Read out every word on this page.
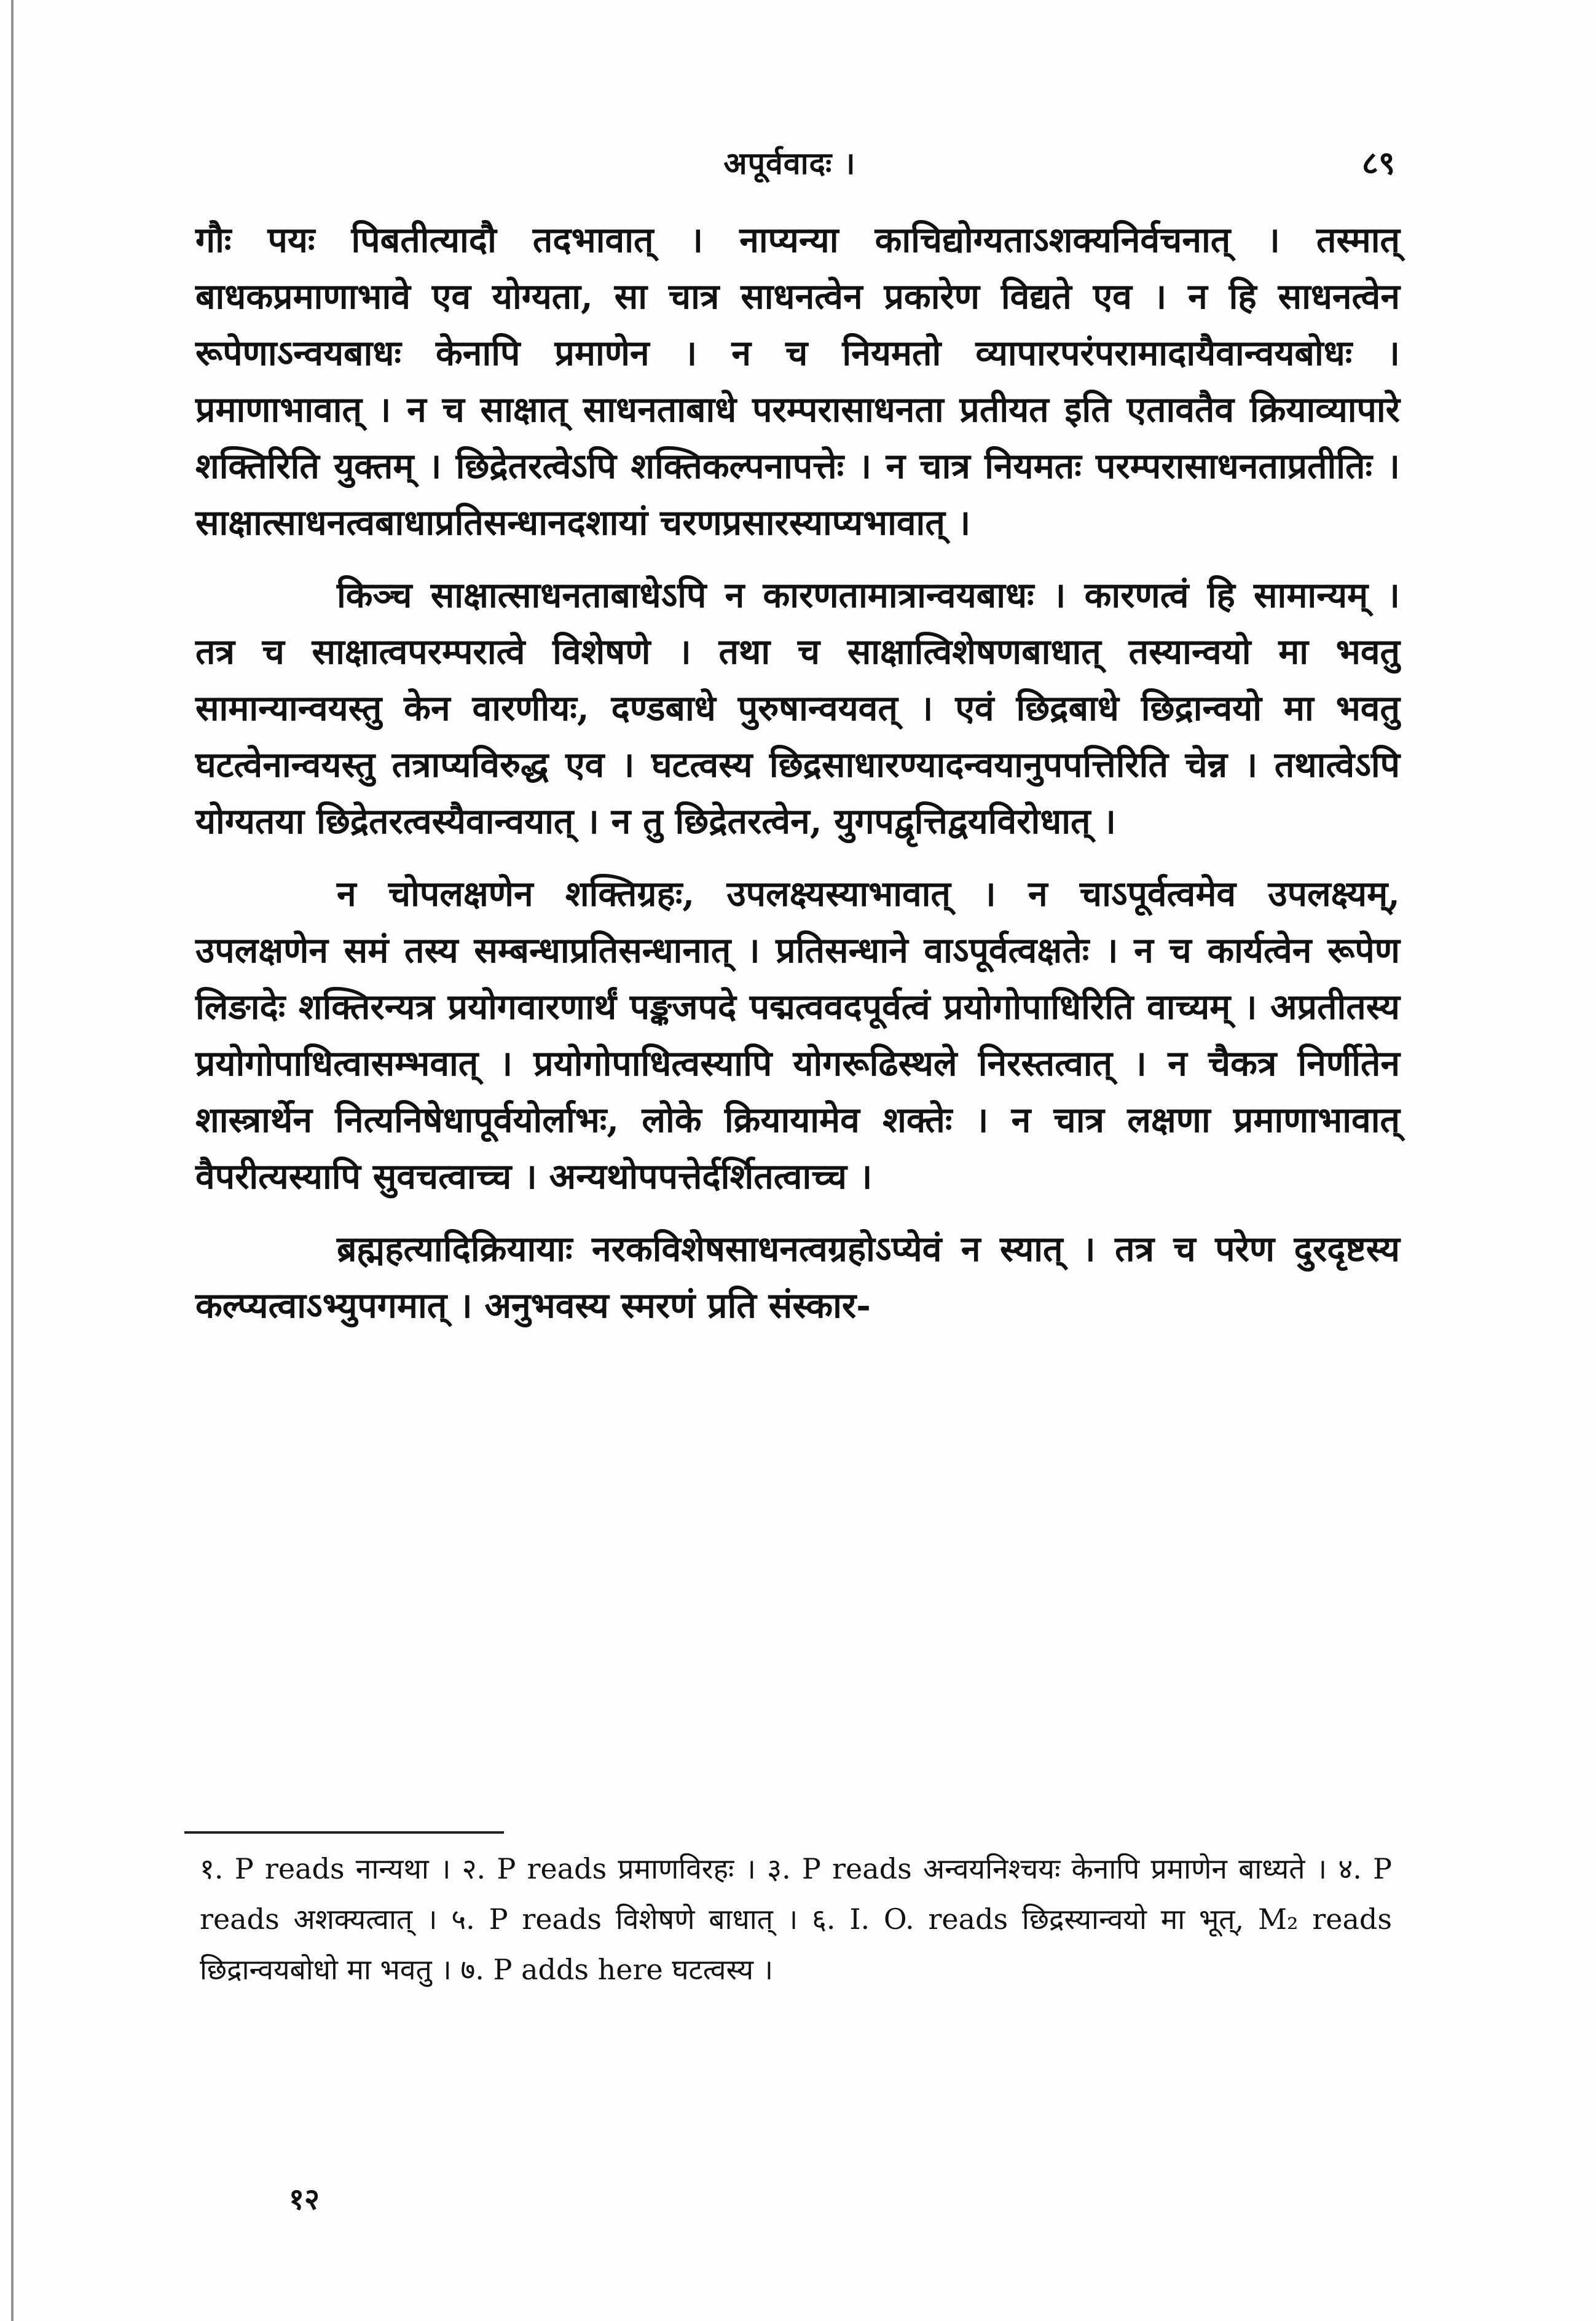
अपूर्ववादः ।	८९

गौः पयः पिबतीत्यादौ तदभावात् । नाप्यन्या काचिद्योग्यताऽशक्यनिर्वचनात् । तस्मात् बाधकप्रमाणाभावे एव योग्यता, सा चात्र साधनत्वेन प्रकारेण विद्यते एव । न हि साधनत्वेन रूपेणाऽन्वयबाधः केनापि प्रमाणेन । न च नियमतो व्यापारपरंपरामादायैवान्वयबोधः । प्रमाणाभावात् । न च साक्षात् साधनताबाधे परम्परासाधनता प्रतीयत इति एतावतैव क्रियाव्यापारे शक्तिरिति युक्तम् । छिद्रेतरत्वेऽपि शक्तिकल्पनापत्तेः । न चात्र नियमतः परम्परासाधनताप्रतीतिः । साक्षात्साधनत्वबाधाप्रतिसन्धानदशायां चरणप्रसारस्याप्यभावात् ।

किञ्च साक्षात्साधनताबाधेऽपि न कारणतामात्रान्वयबाधः । कारणत्वं हि सामान्यम् । तत्र च साक्षात्वपरम्परात्वे विशेषणे । तथा च साक्षात्विशेषणबाधात् तस्यान्वयो मा भवतु सामान्यान्वयस्तु केन वारणीयः, दण्डबाधे पुरुषान्वयवत् । एवं छिद्रबाधे छिद्रान्वयो मा भवतु घटत्वेनान्वयस्तु तत्राप्यविरुद्ध एव । घटत्वस्य छिद्रसाधारण्यादन्वयानुपपत्तिरिति चेन्न । तथात्वेऽपि योग्यतया छिद्रेतरत्वस्यैवान्वयात् । न तु छिद्रेतरत्वेन, युगपद्वृत्तिद्वयविरोधात् ।

न चोपलक्षणेन शक्तिग्रहः, उपलक्ष्यस्याभावात् । न चाऽपूर्वत्वमेव उपलक्ष्यम्, उपलक्षणेन समं तस्य सम्बन्धाप्रतिसन्धानात् । प्रतिसन्धाने वाऽपूर्वत्वक्षतेः । न च कार्यत्वेन रूपेण लिङादेः शक्तिरन्यत्र प्रयोगवारणार्थं पङ्कजपदे पद्मत्ववदपूर्वत्वं प्रयोगोपाधिरिति वाच्यम् । अप्रतीतस्य प्रयोगोपाधित्वासम्भवात् । प्रयोगोपाधित्वस्यापि योगरूढिस्थले निरस्तत्वात् । न चैकत्र निर्णीतेन शास्त्रार्थेन नित्यनिषेधापूर्वयोर्लाभः, लोके क्रियायामेव शक्तेः । न चात्र लक्षणा प्रमाणाभावात् वैपरीत्यस्यापि सुवचत्वाच्च । अन्यथोपपत्तेर्दर्शितत्वाच्च ।

ब्रह्महत्यादिक्रियायाः नरकविशेषसाधनत्वग्रहोऽप्येवं न स्यात् । तत्र च परेण दुरदृष्टस्य कल्प्यत्वाऽभ्युपगमात् । अनुभवस्य स्मरणं प्रति संस्कार-

१. P reads नान्यथा । २. P reads प्रमाणविरहः । ३. P reads अन्वयनिश्चयः केनापि प्रमाणेन बाध्यते । ४. P reads अशक्यत्वात् । ५. P reads विशेषणे बाधात् । ६. I. O. reads छिद्रस्यान्वयो मा भूत्, M₂ reads छिद्रान्वयबोधो मा भवतु । ७. P adds here घटत्वस्य ।
१२
